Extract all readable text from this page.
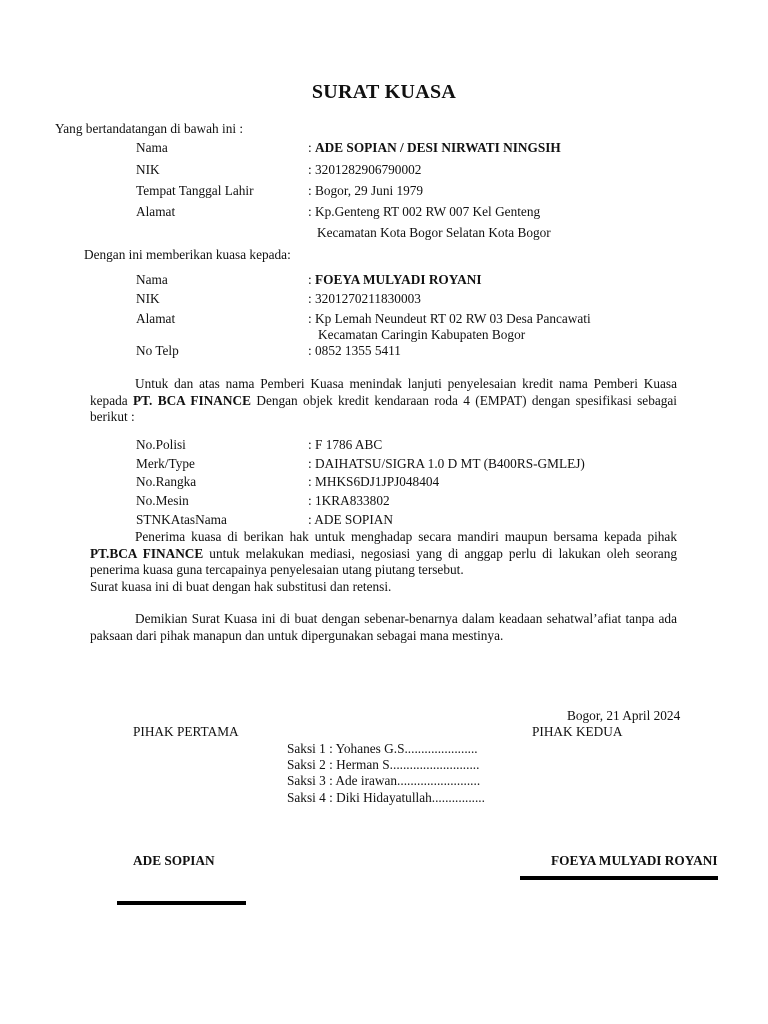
SURAT KUASA
Yang bertandatangan di bawah ini :
Nama	: ADE SOPIAN / DESI NIRWATI NINGSIH
NIK	: 3201282906790002
Tempat Tanggal Lahir	: Bogor, 29 Juni 1979
Alamat	: Kp.Genteng RT 002 RW 007 Kel Genteng
Kecamatan Kota Bogor Selatan Kota Bogor
Dengan ini memberikan kuasa kepada:
Nama	: FOEYA MULYADI ROYANI
NIK	: 3201270211830003
Alamat	: Kp Lemah Neundeut RT 02 RW 03 Desa Pancawati
Kecamatan Caringin Kabupaten Bogor
No Telp	: 0852 1355 5411
Untuk dan atas nama Pemberi Kuasa menindak lanjuti penyelesaian kredit nama Pemberi Kuasa kepada PT. BCA FINANCE Dengan objek kredit kendaraan roda 4 (EMPAT) dengan spesifikasi sebagai berikut :
No.Polisi	: F 1786 ABC
Merk/Type	: DAIHATSU/SIGRA 1.0 D MT (B400RS-GMLEJ)
No.Rangka	: MHKS6DJ1JPJ048404
No.Mesin	: 1KRA833802
STNKAtasNama	: ADE SOPIAN

Penerima kuasa di berikan hak untuk menghadap secara mandiri maupun bersama kepada pihak PT.BCA FINANCE untuk melakukan mediasi, negosiasi yang di anggap perlu di lakukan oleh seorang penerima kuasa guna tercapainya penyelesaian utang piutang tersebut.

Surat kuasa ini di buat dengan hak substitusi dan retensi.

Demikian Surat Kuasa ini di buat dengan sebenar-benarnya dalam keadaan sehatwal’afiat tanpa ada paksaan dari pihak manapun dan untuk dipergunakan sebagai mana mestinya.
Bogor, 21 April 2024
PIHAK PERTAMA	PIHAK KEDUA
Saksi 1 : Yohanes G.S......................
Saksi 2 : Herman S...........................
Saksi 3 : Ade irawan.........................
Saksi 4 : Diki Hidayatullah................
ADE SOPIAN	FOEYA MULYADI ROYANI
